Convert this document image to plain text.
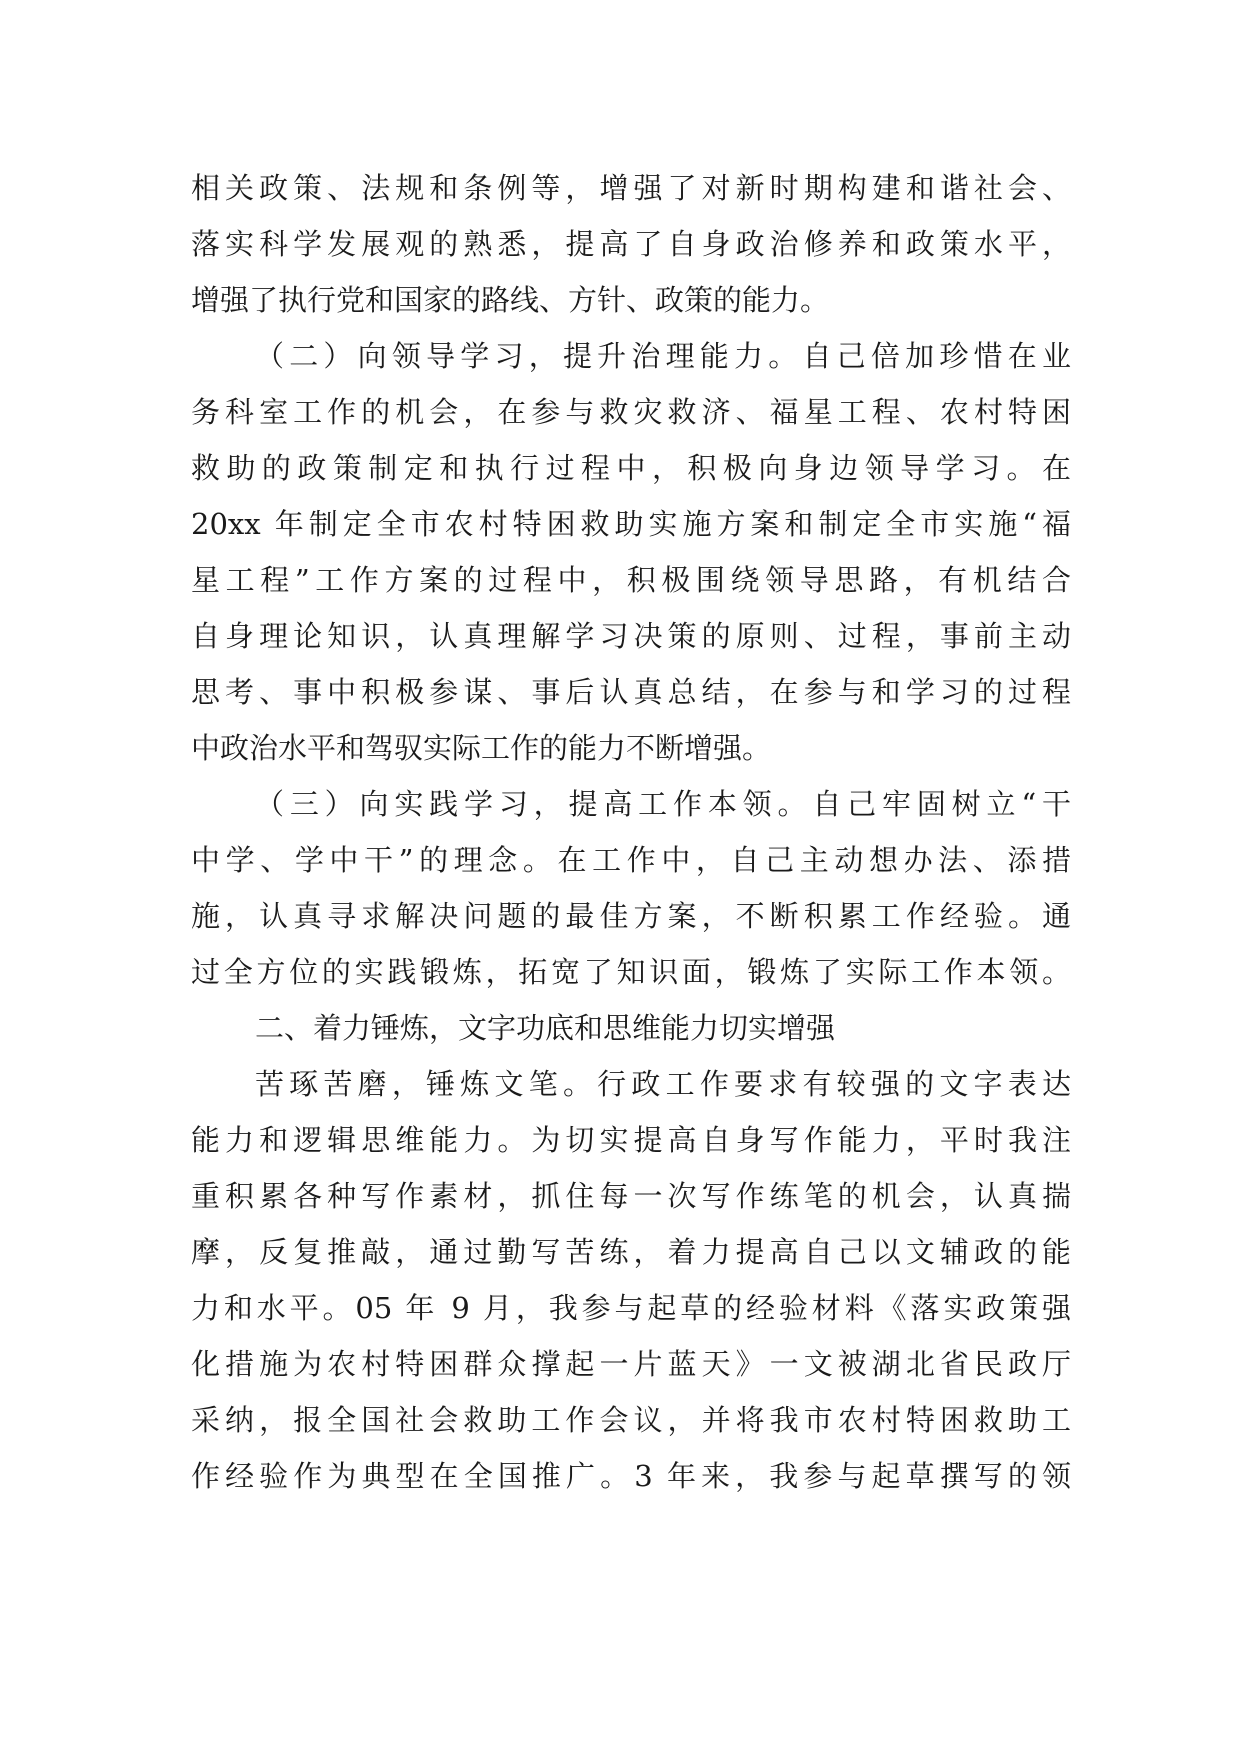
相关政策、法规和条例等，增强了对新时期构建和谐社会、
落实科学发展观的熟悉，提高了自身政治修养和政策水平，
增强了执行党和国家的路线、方针、政策的能力。
（二）向领导学习，提升治理能力。自己倍加珍惜在业
务科室工作的机会，在参与救灾救济、福星工程、农村特困
救助的政策制定和执行过程中，积极向身边领导学习。在
20xx 年制定全市农村特困救助实施方案和制定全市实施“福
星工程”工作方案的过程中，积极围绕领导思路，有机结合
自身理论知识，认真理解学习决策的原则、过程，事前主动
思考、事中积极参谋、事后认真总结，在参与和学习的过程
中政治水平和驾驭实际工作的能力不断增强。
（三）向实践学习，提高工作本领。自己牢固树立“干
中学、学中干”的理念。在工作中，自己主动想办法、添措
施，认真寻求解决问题的最佳方案，不断积累工作经验。通
过全方位的实践锻炼，拓宽了知识面，锻炼了实际工作本领。
二、着力锤炼，文字功底和思维能力切实增强
苦琢苦磨，锤炼文笔。行政工作要求有较强的文字表达
能力和逻辑思维能力。为切实提高自身写作能力，平时我注
重积累各种写作素材，抓住每一次写作练笔的机会，认真揣
摩，反复推敲，通过勤写苦练，着力提高自己以文辅政的能
力和水平。05 年 9 月，我参与起草的经验材料《落实政策强
化措施为农村特困群众撑起一片蓝天》一文被湖北省民政厅
采纳，报全国社会救助工作会议，并将我市农村特困救助工
作经验作为典型在全国推广。3 年来，我参与起草撰写的领
